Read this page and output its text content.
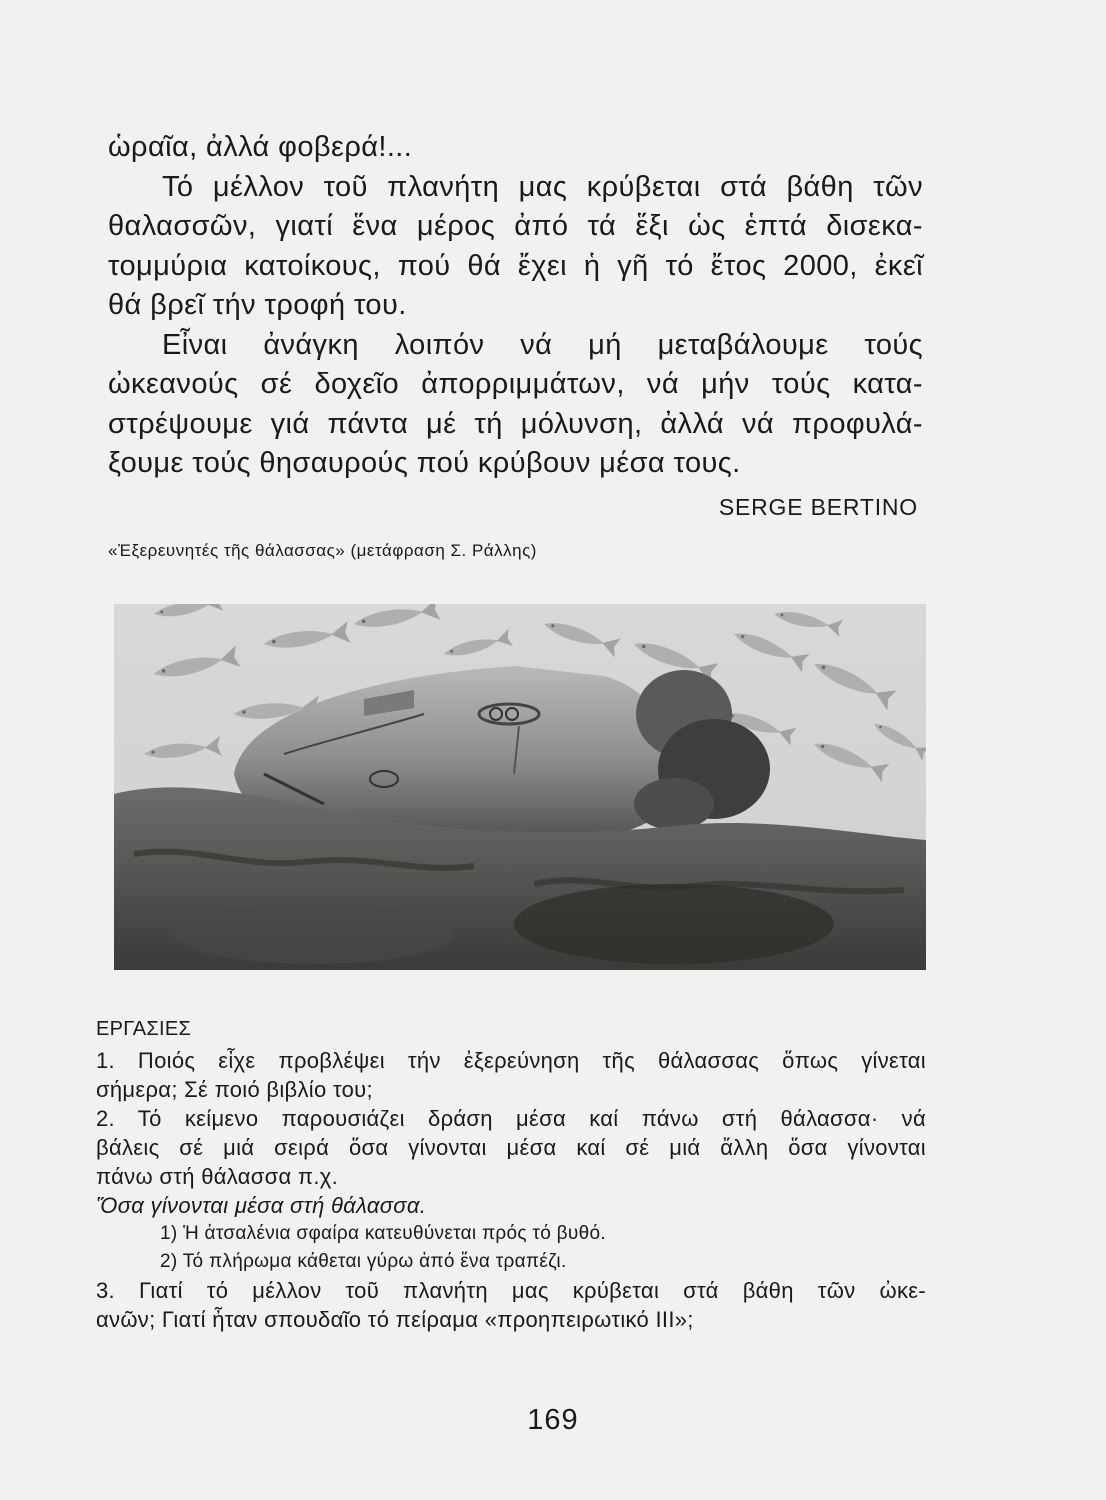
ὡραῖα, ἀλλά φοβερά!...

Τό μέλλον τοῦ πλανήτη μας κρύβεται στά βάθη τῶν

θαλασσῶν, γιατί ἕνα μέρος ἀπό τά ἕξι ὡς ἑπτά δισεκα-

τομμύρια κατοίκους, πού θά ἔχει ἡ γῆ τό ἔτος 2000, ἐκεῖ

θά βρεῖ τήν τροφή του.

Εἶναι ἀνάγκη λοιπόν νά μή μεταβάλουμε τούς

ὠκεανούς σέ δοχεῖο ἀπορριμμάτων, νά μήν τούς κατα-

στρέψουμε γιά πάντα μέ τή μόλυνση, ἀλλά νά προφυλά-

ξουμε τούς θησαυρούς πού κρύβουν μέσα τους.

SERGE BERTINO
«Ἐξερευνητές τῆς θάλασσας» (μετάφραση Σ. Ράλλης)

ΕΡΓΑΣΙΕΣ

1. Ποιός εἶχε προβλέψει τήν ἐξερεύνηση τῆς θάλασσας ὅπως γίνεται

σήμερα; Σέ ποιό βιβλίο του;

2. Τό κείμενο παρουσιάζει δράση μέσα καί πάνω στή θάλασσα· νά

βάλεις σέ μιά σειρά ὅσα γίνονται μέσα καί σέ μιά ἄλλη ὅσα γίνονται

πάνω στή θάλασσα π.χ.

Ὅσα γίνονται μέσα στή θάλασσα.

1) Ἡ ἀτσαλένια σφαίρα κατευθύνεται πρός τό βυθό.

2) Τό πλήρωμα κάθεται γύρω ἀπό ἕνα τραπέζι.

3. Γιατί τό μέλλον τοῦ πλανήτη μας κρύβεται στά βάθη τῶν ὠκε-

ανῶν; Γιατί ἦταν σπουδαῖο τό πείραμα «προηπειρωτικό ΙΙΙ»;

169
